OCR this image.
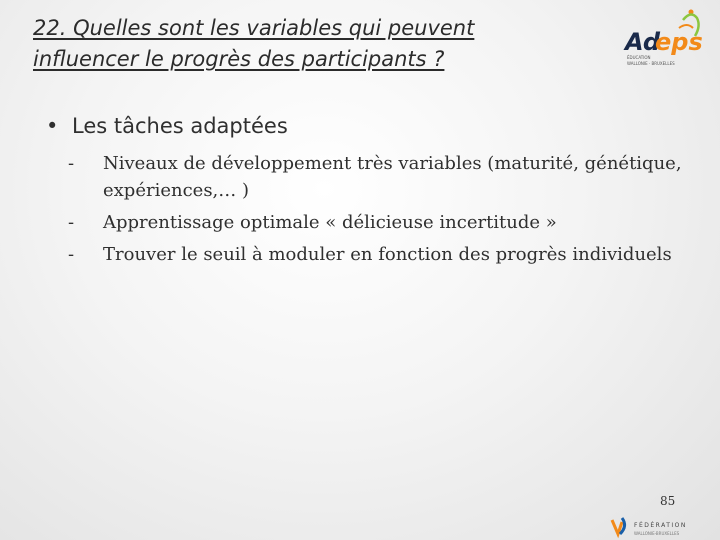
22. Quelles sont les variables qui peuvent
influencer le progrès des participants ?
Ad
eps
ÉDUCATION
WALLONIE · BRUXELLES
• Les tâches adaptées
- Niveaux de développement très variables (maturité, génétique, expériences,… )
- Apprentissage optimale « délicieuse incertitude »
- Trouver le seuil à moduler en fonction des progrès individuels
85
FÉDÉRATION
WALLONIE-BRUXELLES
